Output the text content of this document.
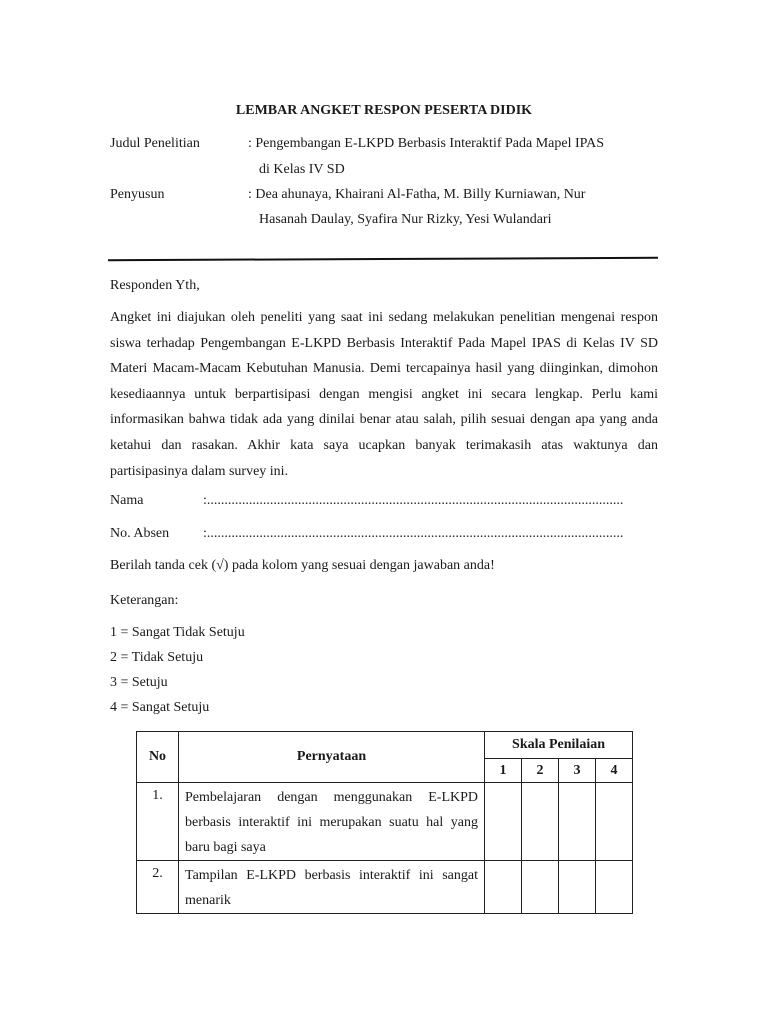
LEMBAR ANGKET RESPON PESERTA DIDIK
Judul Penelitian	: Pengembangan E-LKPD Berbasis Interaktif Pada Mapel IPAS
di Kelas IV SD
Penyusun	: Dea ahunaya, Khairani Al-Fatha, M. Billy Kurniawan, Nur
Hasanah Daulay, Syafira Nur Rizky, Yesi Wulandari
Responden Yth,
Angket ini diajukan oleh peneliti yang saat ini sedang melakukan penelitian mengenai respon siswa terhadap Pengembangan E-LKPD Berbasis Interaktif Pada Mapel IPAS di Kelas IV SD Materi Macam-Macam Kebutuhan Manusia. Demi tercapainya hasil yang diinginkan, dimohon kesediaannya untuk berpartisipasi dengan mengisi angket ini secara lengkap. Perlu kami informasikan bahwa tidak ada yang dinilai benar atau salah, pilih sesuai dengan apa yang anda ketahui dan rasakan. Akhir kata saya ucapkan banyak terimakasih atas waktunya dan partisipasinya dalam survey ini.
Nama	:.......................................................................................................................
No. Absen :.......................................................................................................................
Berilah tanda cek (√) pada kolom yang sesuai dengan jawaban anda!
Keterangan:
1 = Sangat Tidak Setuju
2 = Tidak Setuju
3 = Setuju
4 = Sangat Setuju
No	Pernyataan	Skala Penilaian			
		1	2	3	4
1.	Pembelajaran dengan menggunakan E-LKPD berbasis interaktif ini merupakan suatu hal yang baru bagi saya				
2.	Tampilan E-LKPD berbasis interaktif ini sangat menarik				
